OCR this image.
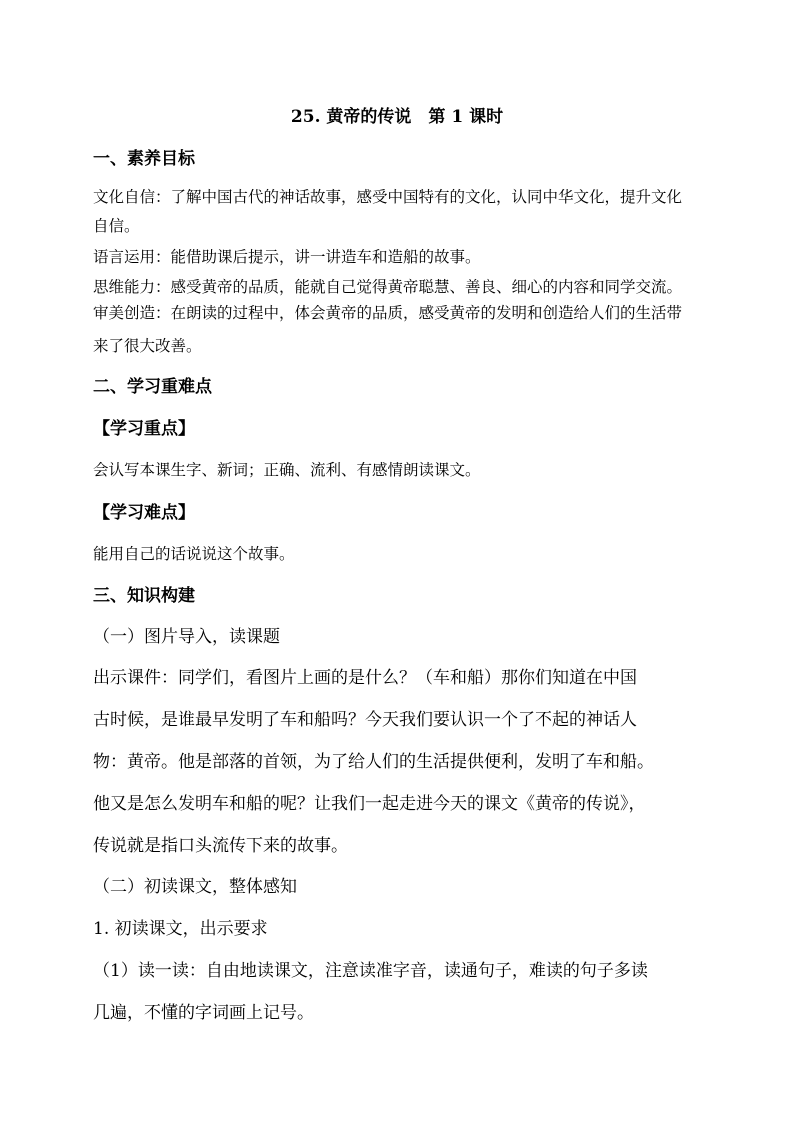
25. 黄帝的传说　第 1 课时
一、素养目标
文化自信：了解中国古代的神话故事，感受中国特有的文化，认同中华文化，提升文化
自信。
语言运用：能借助课后提示，讲一讲造车和造船的故事。
思维能力：感受黄帝的品质，能就自己觉得黄帝聪慧、善良、细心的内容和同学交流。
审美创造：在朗读的过程中，体会黄帝的品质，感受黄帝的发明和创造给人们的生活带
来了很大改善。
二、学习重难点
【学习重点】
会认写本课生字、新词；正确、流利、有感情朗读课文。
【学习难点】
能用自己的话说说这个故事。
三、知识构建
（一）图片导入，读课题
出示课件：同学们，看图片上画的是什么？（车和船）那你们知道在中国
古时候，是谁最早发明了车和船吗？今天我们要认识一个了不起的神话人
物：黄帝。他是部落的首领，为了给人们的生活提供便利，发明了车和船。
他又是怎么发明车和船的呢？让我们一起走进今天的课文《黄帝的传说》，
传说就是指口头流传下来的故事。
（二）初读课文，整体感知
1. 初读课文，出示要求
（1）读一读：自由地读课文，注意读准字音，读通句子，难读的句子多读
几遍，不懂的字词画上记号。
